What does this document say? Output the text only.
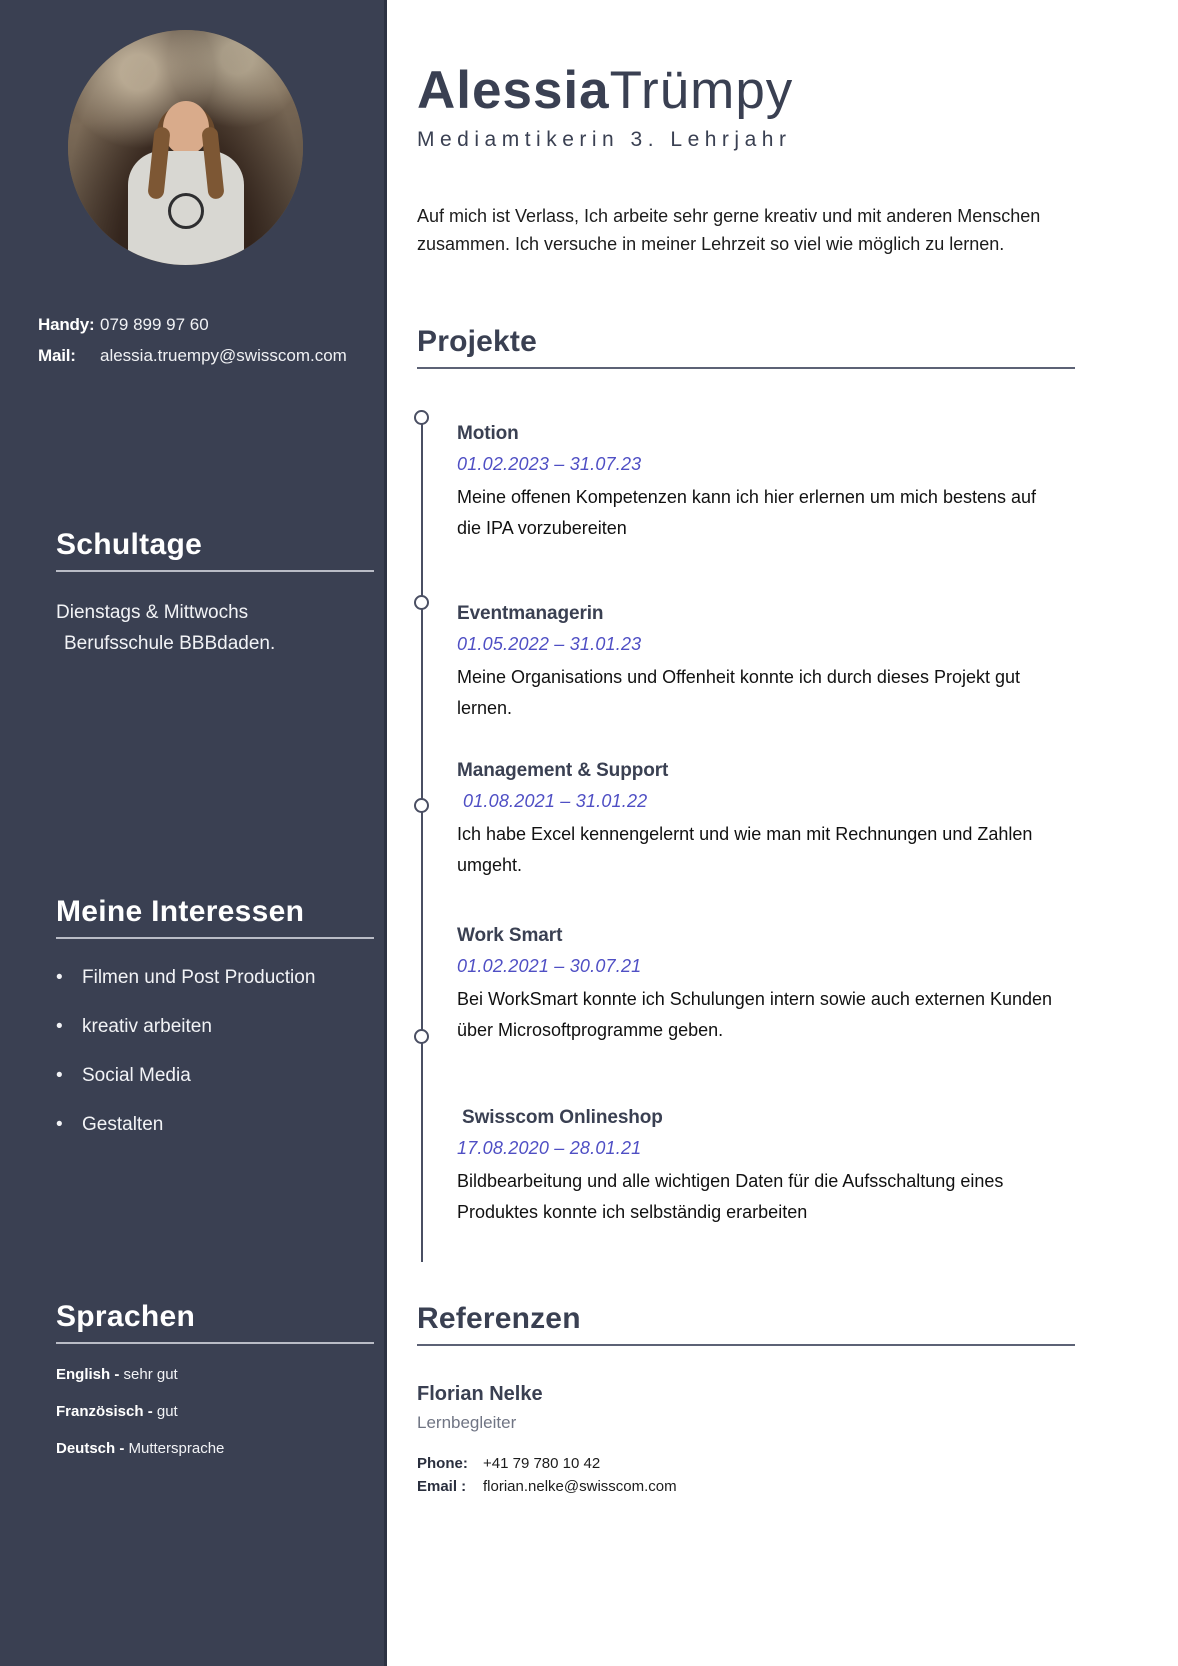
Handy: 079 899 97 60
Mail:	alessia.truempy@swisscom.com
Schultage
Dienstags & Mittwochs
Berufsschule BBBdaden.
Meine Interessen
•	Filmen und Post Production
•	kreativ arbeiten
•	Social Media
•	Gestalten
Sprachen
English - sehr gut
Französisch - gut
Deutsch - Muttersprache
AlessiaTrümpy
Mediamtikerin 3. Lehrjahr

Auf mich ist Verlass, Ich arbeite sehr gerne kreativ und mit anderen Menschen zusammen. Ich versuche in meiner Lehrzeit so viel wie möglich zu lernen.

Projekte
Motion
01.02.2023 – 31.07.23
Meine offenen Kompetenzen kann ich hier erlernen um mich bestens auf die IPA vorzubereiten
Eventmanagerin
01.05.2022 – 31.01.23
Meine Organisations und Offenheit konnte ich durch dieses Projekt gut lernen.
Management & Support
01.08.2021 – 31.01.22
Ich habe Excel kennengelernt und wie man mit Rechnungen und Zahlen umgeht.
Work Smart
01.02.2021 – 30.07.21
Bei WorkSmart konnte ich Schulungen intern sowie auch externen Kunden über Microsoftprogramme geben.
Swisscom Onlineshop
17.08.2020 – 28.01.21
Bildbearbeitung und alle wichtigen Daten für die Aufsschaltung eines Produktes konnte ich selbständig erarbeiten
Referenzen
Florian Nelke
Lernbegleiter
Phone:	+41 79 780 10 42
Email :	florian.nelke@swisscom.com
